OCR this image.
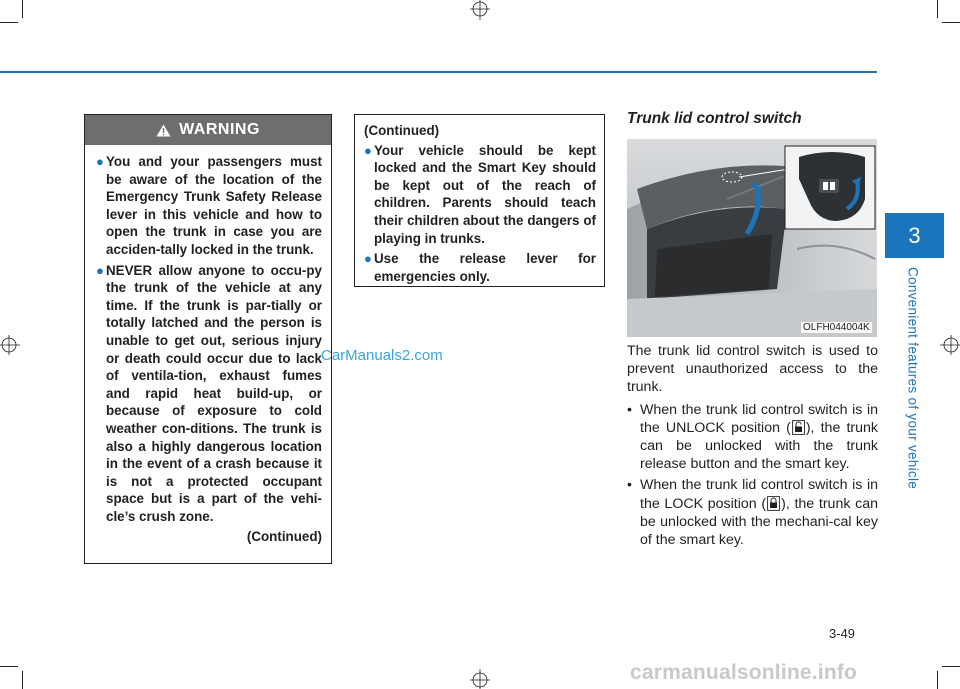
WARNING
● You and your passengers must be aware of the location of the Emergency Trunk Safety Release lever in this vehicle and how to open the trunk in case you are acciden-tally locked in the trunk.
● NEVER allow anyone to occu-py the trunk of the vehicle at any time. If the trunk is par-tially or totally latched and the person is unable to get out, serious injury or death could occur due to lack of ventila-tion, exhaust fumes and rapid heat build-up, or because of exposure to cold weather con-ditions. The trunk is also a highly dangerous location in the event of a crash because it is not a protected occupant space but is a part of the vehi-cle’s crush zone.
(Continued)
(Continued)
● Your vehicle should be kept locked and the Smart Key should be kept out of the reach of children. Parents should teach their children about the dangers of playing in trunks.
● Use the release lever for emergencies only.
Trunk lid control switch
OLFH044004K

The trunk lid control switch is used to prevent unauthorized access to the trunk.

• When the trunk lid control switch is in the UNLOCK position ( ), the trunk can be unlocked with the trunk release button and the smart key.
• When the trunk lid control switch is in the LOCK position ( ), the trunk can be unlocked with the mechani-cal key of the smart key.
3
Convenient features of your vehicle
3-49
CarManuals2.com
carmanualsonline.info
